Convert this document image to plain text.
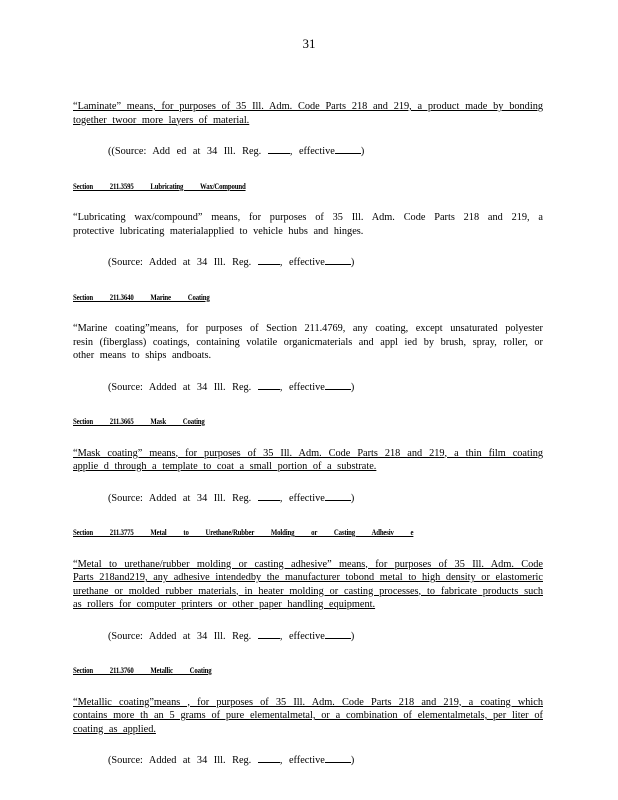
31

“Laminate” means, for purposes of 35 Ill. Adm. Code Parts 218 and 219, a product made by bonding together twoor more layers of material.

((Source: Add ed at 34 Ill. Reg.	, effective	)

Section 211.3595 Lubricating Wax/Compound

“Lubricating wax/compound” means, for purposes of 35 Ill. Adm. Code Parts 218 and 219, a protective lubricating materialapplied to vehicle hubs and hinges.

(Source: Added at 34 Ill. Reg.	, effective	)

Section 211.3640 Marine Coating

“Marine coating”means, for purposes of Section 211.4769, any coating, except unsaturated polyester resin (fiberglass) coatings, containing volatile organicmaterials and appl ied by brush, spray, roller, or other means to ships andboats.

(Source: Added at 34 Ill. Reg.	, effective	)

Section 211.3665 Mask Coating

“Mask coating” means, for purposes of 35 Ill. Adm. Code Parts 218 and 219, a thin film coating applie d through a template to coat a small portion of a substrate.

(Source: Added at 34 Ill. Reg.	, effective	)

Section 211.3775 Metal to Urethane/Rubber Molding or Casting Adhesiv e

“Metal to urethane/rubber molding or casting adhesive” means, for purposes of 35 Ill. Adm. Code Parts 218and219, any adhesive intendedby the manufacturer tobond metal to high density or elastomeric urethane or molded rubber materials, in heater molding or casting processes, to fabricate products such as rollers for computer printers or other paper handling equipment.

(Source: Added at 34 Ill. Reg.	, effective	)

Section 211.3760 Metallic Coating

“Metallic coating”means , for purposes of 35 Ill. Adm. Code Parts 218 and 219, a coating which contains more th an 5 grams of pure elementalmetal, or a combination of elementalmetals, per liter of coating as applied.

(Source: Added at 34 Ill. Reg.	, effective	)
